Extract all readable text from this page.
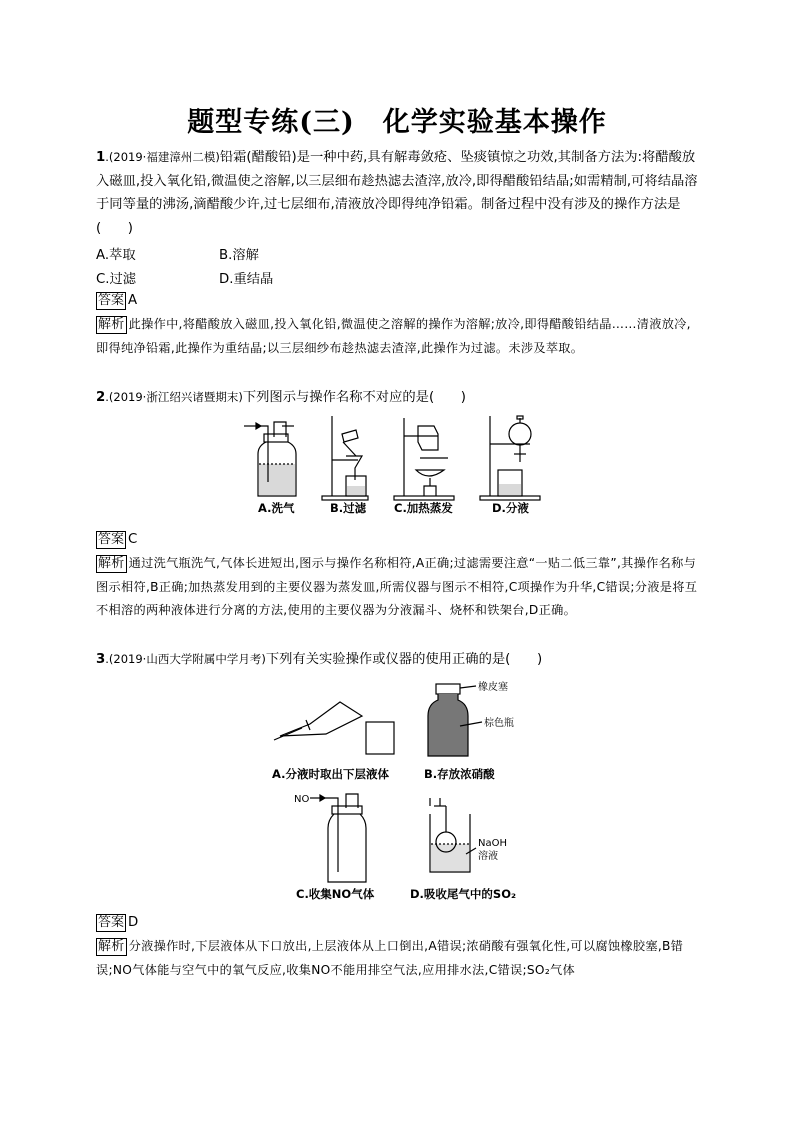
题型专练(三)　化学实验基本操作
1.(2019·福建漳州二模)铅霜(醋酸铅)是一种中药,具有解毒敛疮、坠痰镇惊之功效,其制备方法为:将醋酸放入磁皿,投入氧化铅,微温使之溶解,以三层细布趁热滤去渣滓,放冷,即得醋酸铅结晶;如需精制,可将结晶溶于同等量的沸汤,滴醋酸少许,过七层细布,清液放冷即得纯净铅霜。制备过程中没有涉及的操作方法是(　　)
A.萃取	B.溶解
C.过滤	D.重结晶
答案 A
解析 此操作中,将醋酸放入磁皿,投入氧化铅,微温使之溶解的操作为溶解;放冷,即得醋酸铅结晶……清液放冷,即得纯净铅霜,此操作为重结晶;以三层细纱布趁热滤去渣滓,此操作为过滤。未涉及萃取。
2.(2019·浙江绍兴诸暨期末)下列图示与操作名称不对应的是(　　)
A.洗气	B.过滤 C.加热蒸发	D.分液
答案 C
解析 通过洗气瓶洗气,气体长进短出,图示与操作名称相符,A正确;过滤需要注意“一贴二低三靠”,其操作名称与图示相符,B正确;加热蒸发用到的主要仪器为蒸发皿,所需仪器与图示不相符,C项操作为升华,C错误;分液是将互不相溶的两种液体进行分离的方法,使用的主要仪器为分液漏斗、烧杯和铁架台,D正确。
3.(2019·山西大学附属中学月考)下列有关实验操作或仪器的使用正确的是(　　)
A.分液时取出下层液体
橡皮塞
棕色瓶
B.存放浓硝酸
NO
C.收集NO气体
NaOH
溶液
D.吸收尾气中的SO₂
答案 D
解析 分液操作时,下层液体从下口放出,上层液体从上口倒出,A错误;浓硝酸有强氧化性,可以腐蚀橡胶塞,B错误;NO气体能与空气中的氧气反应,收集NO不能用排空气法,应用排水法,C错误;SO₂气体
